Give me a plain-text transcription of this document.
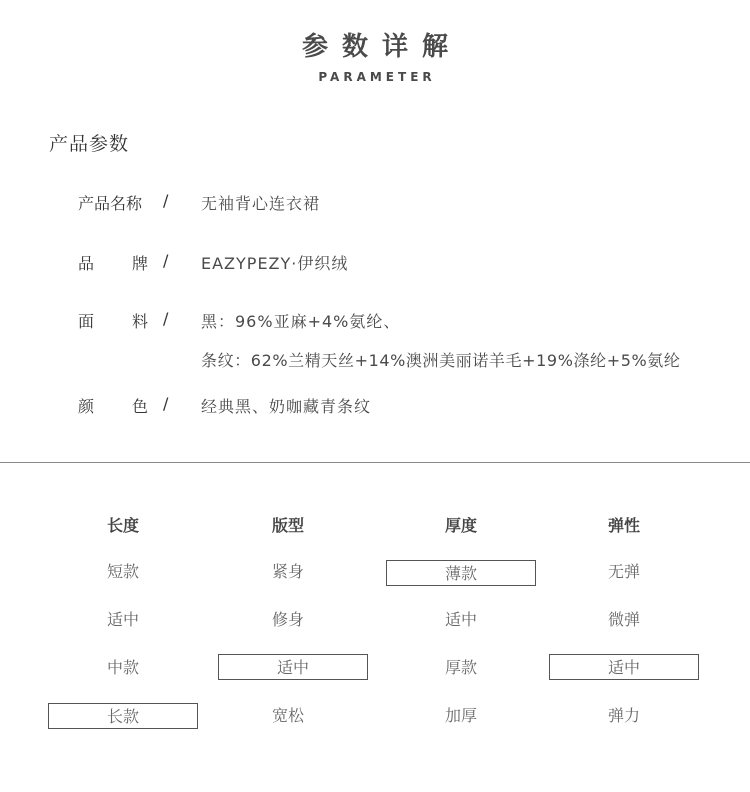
参数详解
PARAMETER
产品参数
产品名称 / 无袖背心连衣裙
品 牌 / EAZYPEZY·伊织绒
面 料 / 黑：96%亚麻+4%氨纶、
条纹：62%兰精天丝+14%澳洲美丽诺羊毛+19%涤纶+5%氨纶
颜 色 / 经典黑、奶咖藏青条纹
长度
短款
适中
中款
长款
版型
紧身
修身
适中
宽松
厚度
薄款
适中
厚款
加厚
弹性
无弹
微弹
适中
弹力
